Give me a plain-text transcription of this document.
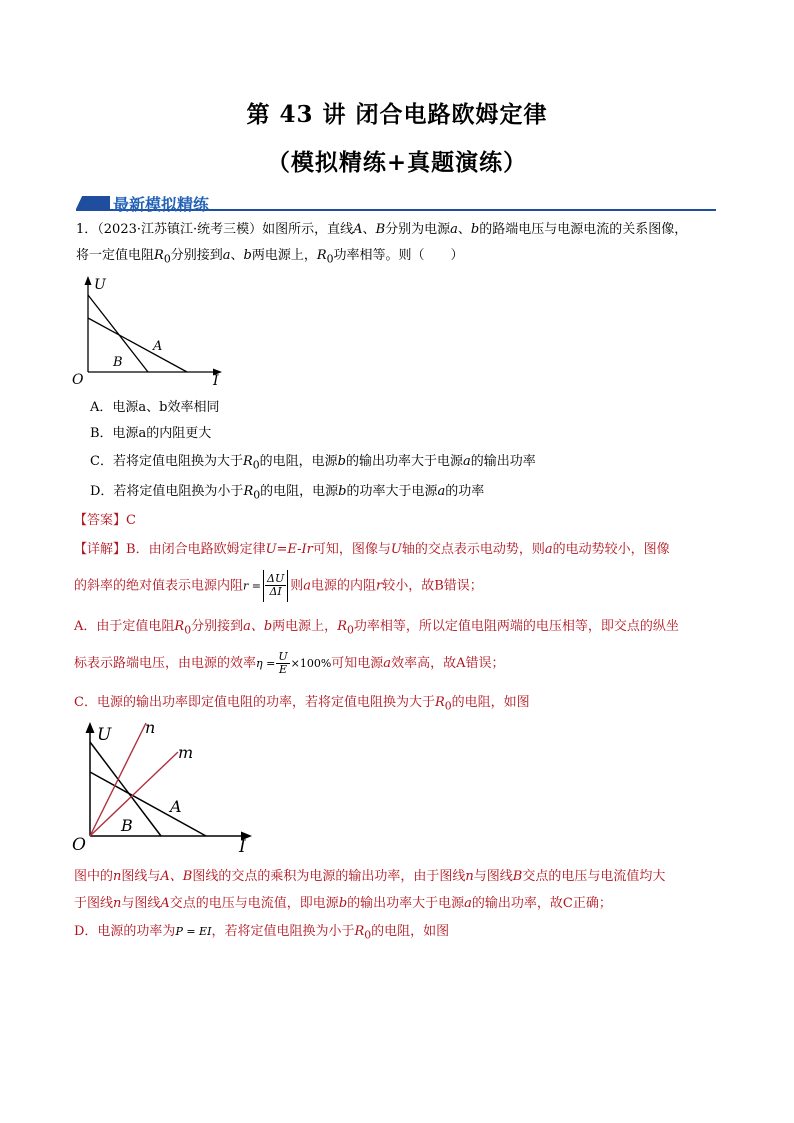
第 43 讲 闭合电路欧姆定律
（模拟精练+真题演练）
最新模拟精练
1．（2023·江苏镇江·统考三模）如图所示，直线A、B分别为电源a、b的路端电压与电源电流的关系图像，
将一定值电阻$R_0$分别接到a、b两电源上，$R_0$功率相等。则（　　）
U
I
O
A
B
A．电源a、b效率相同
B．电源a的内阻更大
C．若将定值电阻换为大于$R_0$的电阻，电源b的输出功率大于电源a的输出功率
D．若将定值电阻换为小于$R_0$的电阻，电源b的功率大于电源a的功率
【答案】C
【详解】B．由闭合电路欧姆定律U=E-Ir可知，图像与U轴的交点表示电动势，则a的电动势较小，图像
的斜率的绝对值表示电源内阻$r = \frac{\Delta U}{\Delta I}$ 则a电源的内阻r较小，故B错误；
A．由于定值电阻$R_0$分别接到a、b两电源上，$R_0$功率相等，所以定值电阻两端的电压相等，即交点的纵坐
标表示路端电压，由电源的效率$\eta = \frac{U}{E} \times 100\%$可知电源a效率高，故A错误；
C．电源的输出功率即定值电阻的功率，若将定值电阻换为大于$R_0$的电阻，如图
U
I
O
n
m
A
B
图中的n图线与A、B图线的交点的乘积为电源的输出功率，由于图线n与图线B交点的电压与电流值均大
于图线n与图线A交点的电压与电流值，即电源b的输出功率大于电源a的输出功率，故C正确；
D．电源的功率为P = EI，若将定值电阻换为小于$R_0$的电阻，如图
